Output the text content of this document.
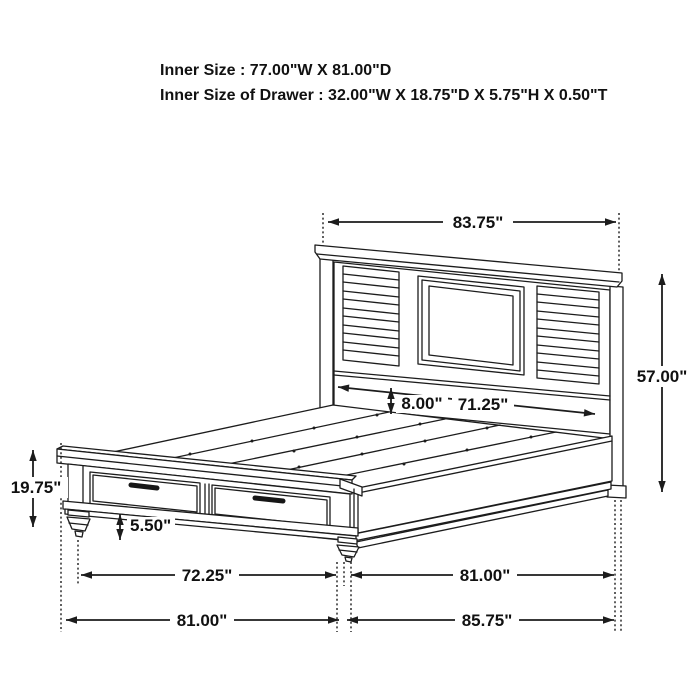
Inner Size : 77.00"W X 81.00"D
Inner Size of Drawer : 32.00"W X 18.75"D X 5.75"H X 0.50"T
83.75"
57.00"
8.00" 71.25"
19.75"
5.50"
72.25"	81.00"
81.00"	85.75"
